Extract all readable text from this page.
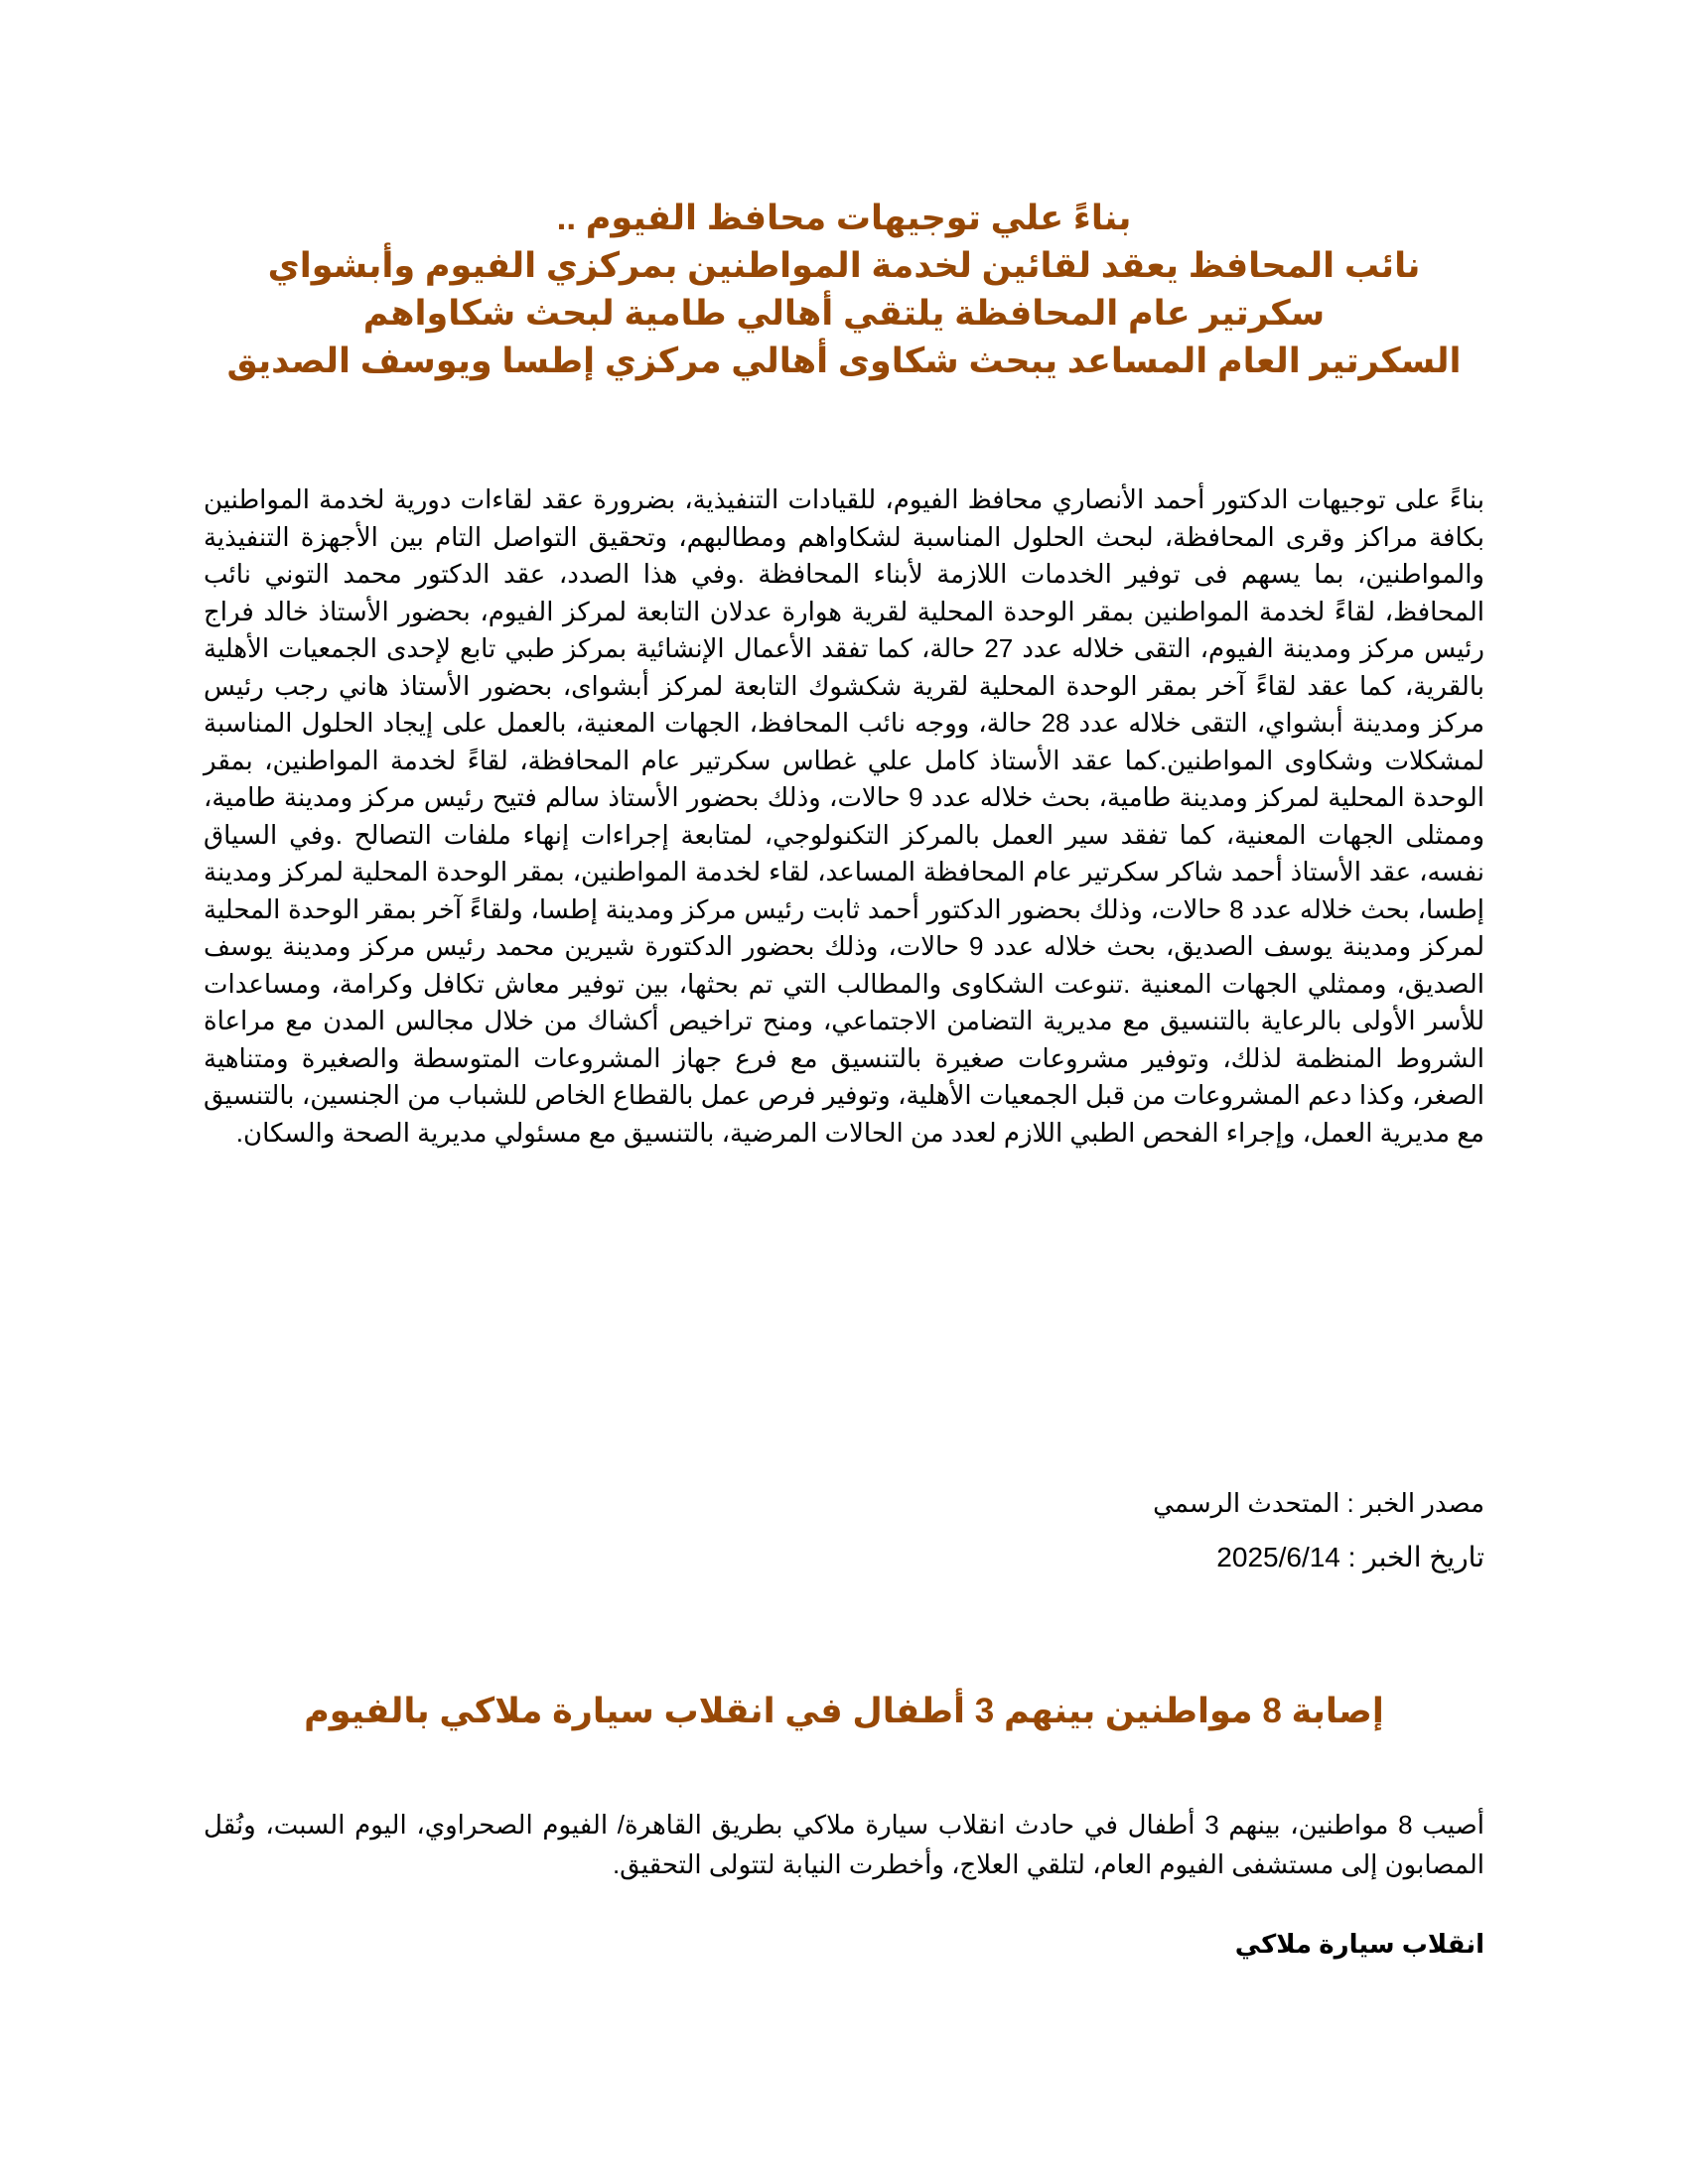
بناءً علي توجيهات محافظ الفيوم ..
نائب المحافظ يعقد لقائين لخدمة المواطنين بمركزي الفيوم وأبشواي
سكرتير عام المحافظة يلتقي أهالي طامية لبحث شكاواهم
السكرتير العام المساعد يبحث شكاوى أهالي مركزي إطسا ويوسف الصديق
بناءً على توجيهات الدكتور أحمد الأنصاري محافظ الفيوم، للقيادات التنفيذية، بضرورة عقد لقاءات دورية لخدمة المواطنين بكافة مراكز وقرى المحافظة، لبحث الحلول المناسبة لشكاواهم ومطالبهم، وتحقيق التواصل التام بين الأجهزة التنفيذية والمواطنين، بما يسهم فى توفير الخدمات اللازمة لأبناء المحافظة .وفي هذا الصدد، عقد الدكتور محمد التوني نائب المحافظ، لقاءً لخدمة المواطنين بمقر الوحدة المحلية لقرية هوارة عدلان التابعة لمركز الفيوم، بحضور الأستاذ خالد فراج رئيس مركز ومدينة الفيوم، التقى خلاله عدد 27 حالة، كما تفقد الأعمال الإنشائية بمركز طبي تابع لإحدى الجمعيات الأهلية بالقرية، كما عقد لقاءً آخر بمقر الوحدة المحلية لقرية شكشوك التابعة لمركز أبشواى، بحضور الأستاذ هاني رجب رئيس مركز ومدينة أبشواي، التقى خلاله عدد 28 حالة، ووجه نائب المحافظ، الجهات المعنية، بالعمل على إيجاد الحلول المناسبة لمشكلات وشكاوى المواطنين.كما عقد الأستاذ كامل علي غطاس سكرتير عام المحافظة، لقاءً لخدمة المواطنين، بمقر الوحدة المحلية لمركز ومدينة طامية، بحث خلاله عدد 9 حالات، وذلك بحضور الأستاذ سالم فتيح رئيس مركز ومدينة طامية، وممثلى الجهات المعنية، كما تفقد سير العمل بالمركز التكنولوجي، لمتابعة إجراءات إنهاء ملفات التصالح .وفي السياق نفسه، عقد الأستاذ أحمد شاكر سكرتير عام المحافظة المساعد، لقاء لخدمة المواطنين، بمقر الوحدة المحلية لمركز ومدينة إطسا، بحث خلاله عدد 8 حالات، وذلك بحضور الدكتور أحمد ثابت رئيس مركز ومدينة إطسا، ولقاءً آخر بمقر الوحدة المحلية لمركز ومدينة يوسف الصديق، بحث خلاله عدد 9 حالات، وذلك بحضور الدكتورة شيرين محمد رئيس مركز ومدينة يوسف الصديق، وممثلي الجهات المعنية .تنوعت الشكاوى والمطالب التي تم بحثها، بين توفير معاش تكافل وكرامة، ومساعدات للأسر الأولى بالرعاية بالتنسيق مع مديرية التضامن الاجتماعي، ومنح تراخيص أكشاك من خلال مجالس المدن مع مراعاة الشروط المنظمة لذلك، وتوفير مشروعات صغيرة بالتنسيق مع فرع جهاز المشروعات المتوسطة والصغيرة ومتناهية الصغر، وكذا دعم المشروعات من قبل الجمعيات الأهلية، وتوفير فرص عمل بالقطاع الخاص للشباب من الجنسين، بالتنسيق مع مديرية العمل، وإجراء الفحص الطبي اللازم لعدد من الحالات المرضية، بالتنسيق مع مسئولي مديرية الصحة والسكان.
مصدر الخبر : المتحدث الرسمي
تاريخ الخبر : 2025/6/14
إصابة 8 مواطنين بينهم 3 أطفال في انقلاب سيارة ملاكي بالفيوم
أصيب 8 مواطنين، بينهم 3 أطفال في حادث انقلاب سيارة ملاكي بطريق القاهرة/ الفيوم الصحراوي، اليوم السبت، ونُقل المصابون إلى مستشفى الفيوم العام، لتلقي العلاج، وأخطرت النيابة لتتولى التحقيق.
انقلاب سيارة ملاكي
